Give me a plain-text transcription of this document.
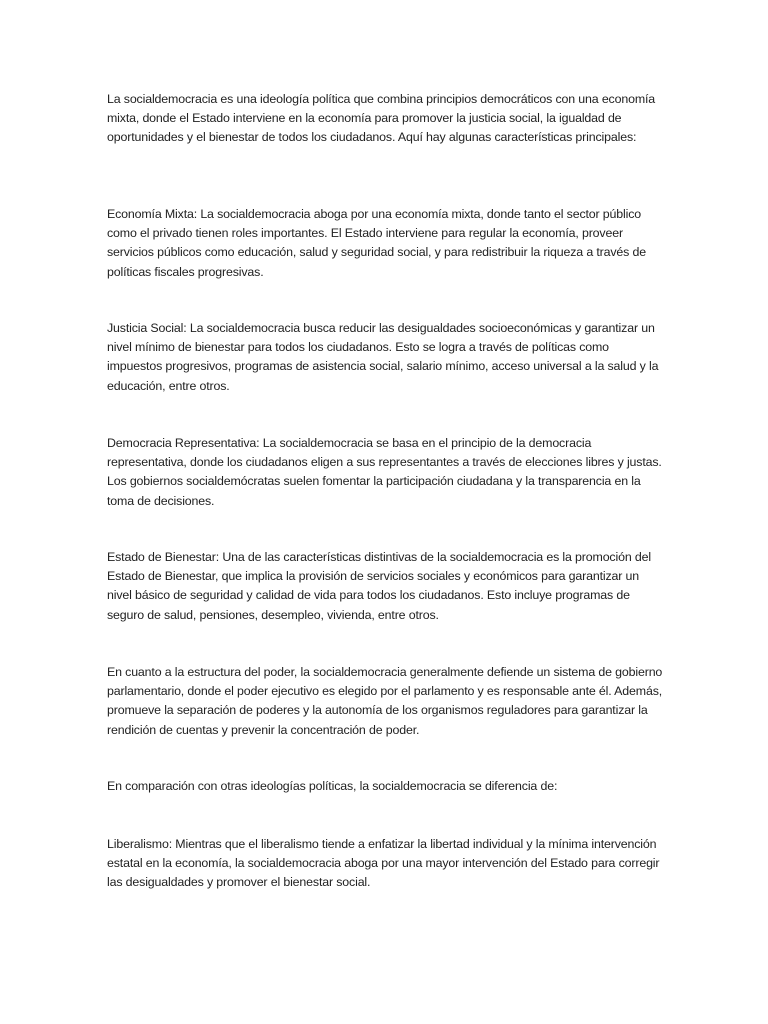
La socialdemocracia es una ideología política que combina principios democráticos con una economía mixta, donde el Estado interviene en la economía para promover la justicia social, la igualdad de oportunidades y el bienestar de todos los ciudadanos. Aquí hay algunas características principales:

Economía Mixta: La socialdemocracia aboga por una economía mixta, donde tanto el sector público como el privado tienen roles importantes. El Estado interviene para regular la economía, proveer servicios públicos como educación, salud y seguridad social, y para redistribuir la riqueza a través de políticas fiscales progresivas.

Justicia Social: La socialdemocracia busca reducir las desigualdades socioeconómicas y garantizar un nivel mínimo de bienestar para todos los ciudadanos. Esto se logra a través de políticas como impuestos progresivos, programas de asistencia social, salario mínimo, acceso universal a la salud y la educación, entre otros.

Democracia Representativa: La socialdemocracia se basa en el principio de la democracia representativa, donde los ciudadanos eligen a sus representantes a través de elecciones libres y justas. Los gobiernos socialdemócratas suelen fomentar la participación ciudadana y la transparencia en la toma de decisiones.

Estado de Bienestar: Una de las características distintivas de la socialdemocracia es la promoción del Estado de Bienestar, que implica la provisión de servicios sociales y económicos para garantizar un nivel básico de seguridad y calidad de vida para todos los ciudadanos. Esto incluye programas de seguro de salud, pensiones, desempleo, vivienda, entre otros.

En cuanto a la estructura del poder, la socialdemocracia generalmente defiende un sistema de gobierno parlamentario, donde el poder ejecutivo es elegido por el parlamento y es responsable ante él. Además, promueve la separación de poderes y la autonomía de los organismos reguladores para garantizar la rendición de cuentas y prevenir la concentración de poder.

En comparación con otras ideologías políticas, la socialdemocracia se diferencia de:

Liberalismo: Mientras que el liberalismo tiende a enfatizar la libertad individual y la mínima intervención estatal en la economía, la socialdemocracia aboga por una mayor intervención del Estado para corregir las desigualdades y promover el bienestar social.
